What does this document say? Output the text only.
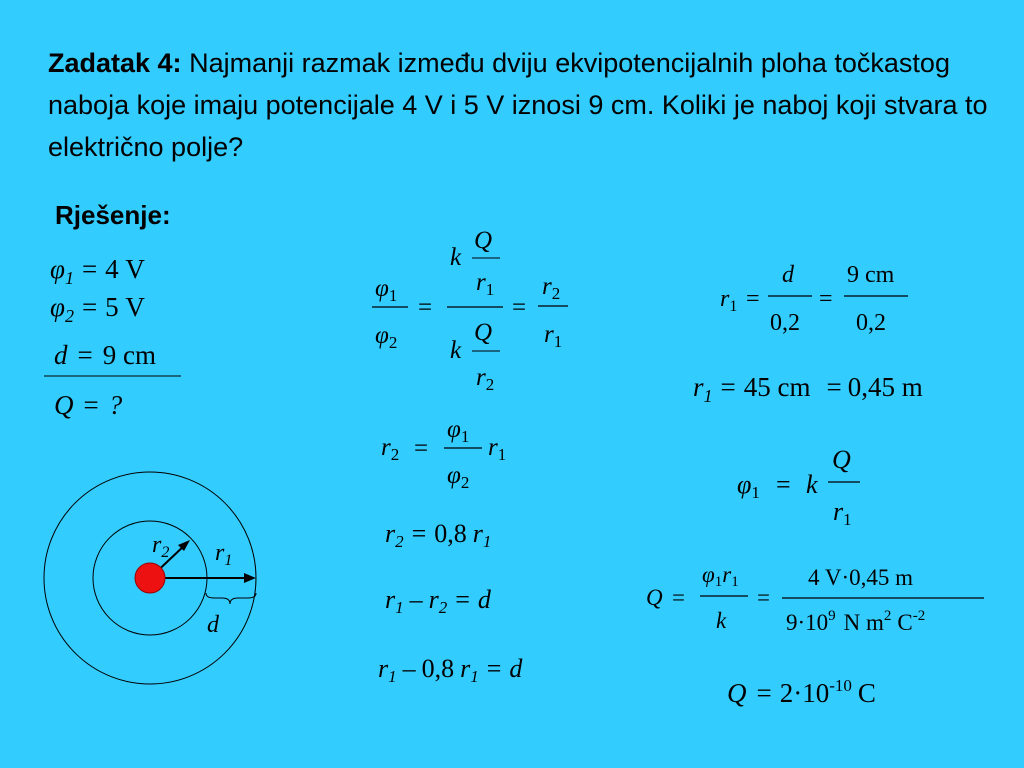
Zadatak 4: Najmanji razmak između dviju ekvipotencijalnih ploha točkastog naboja koje imaju potencijale 4 V i 5 V iznosi 9 cm. Koliki je naboj koji stvara to električno polje?
Rješenje:
$\varphi_1 = 4$ V
$\varphi_2 = 5$ V
d = 9 cm
Q = ?
$r_2$ $r_1$
d
$\varphi_1$
$\varphi_2$
=
k
Q
$r_1$
k
Q
$r_2$
=
$r_2$
$r_1$
$r_2$ =
$\varphi_1$
$\varphi_2$
$r_1$
r2 = 0,8 r1
r1 – r2 = d
r1 – 0,8 r1 = d
$r_1$ =
d
0,2
=
9 cm
0,2
$r_1 = 45$ cm = 0,45 m
φ1 = k
Q
r1
Q =
φ1r1
k
=
4 V·0,45 m
$9\cdot 10^9$ N $m^2$ $C^{-2}$
$Q = 2\cdot 10^{-10}$ C
